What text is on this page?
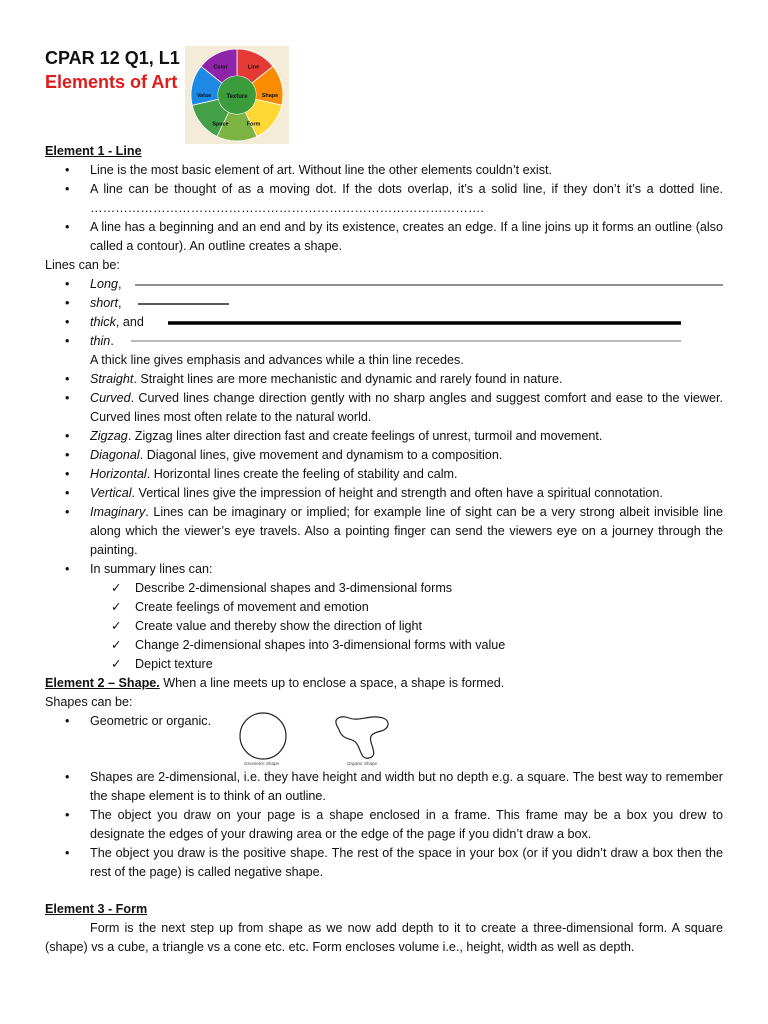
CPAR 12 Q1, L1
Elements of Art
Texture
Line
Shape
Form
Space
Value
Color
Element 1 - Line
• Line is the most basic element of art. Without line the other elements couldn’t exist.
• A line can be thought of as a moving dot. If the dots overlap, it’s a solid line, if they don’t it’s a dotted line. ………………………………………………………………………………….
• A line has a beginning and an end and by its existence, creates an edge. If a line joins up it forms an outline (also called a contour). An outline creates a shape.
Lines can be:
• Long,
• short,
• thick, and
• thin.
A thick line gives emphasis and advances while a thin line recedes.
• Straight. Straight lines are more mechanistic and dynamic and rarely found in nature.
• Curved. Curved lines change direction gently with no sharp angles and suggest comfort and ease to the viewer. Curved lines most often relate to the natural world.
• Zigzag. Zigzag lines alter direction fast and create feelings of unrest, turmoil and movement.
• Diagonal. Diagonal lines, give movement and dynamism to a composition.
• Horizontal. Horizontal lines create the feeling of stability and calm.
• Vertical. Vertical lines give the impression of height and strength and often have a spiritual connotation.
• Imaginary. Lines can be imaginary or implied; for example line of sight can be a very strong albeit invisible line along which the viewer’s eye travels. Also a pointing finger can send the viewers eye on a journey through the painting.
• In summary lines can:
✓ Describe 2-dimensional shapes and 3-dimensional forms
✓ Create feelings of movement and emotion
✓ Create value and thereby show the direction of light
✓ Change 2-dimensional shapes into 3-dimensional forms with value
✓ Depict texture
Element 2 – Shape. When a line meets up to enclose a space, a shape is formed.
Shapes can be:
• Geometric or organic.
Geometric Shape	Organic Shape
• Shapes are 2-dimensional, i.e. they have height and width but no depth e.g. a square. The best way to remember the shape element is to think of an outline.
• The object you draw on your page is a shape enclosed in a frame. This frame may be a box you drew to designate the edges of your drawing area or the edge of the page if you didn’t draw a box.
• The object you draw is the positive shape. The rest of the space in your box (or if you didn’t draw a box then the rest of the page) is called negative shape.
Element 3 - Form
Form is the next step up from shape as we now add depth to it to create a three-dimensional form. A square (shape) vs a cube, a triangle vs a cone etc. etc. Form encloses volume i.e., height, width as well as depth.
